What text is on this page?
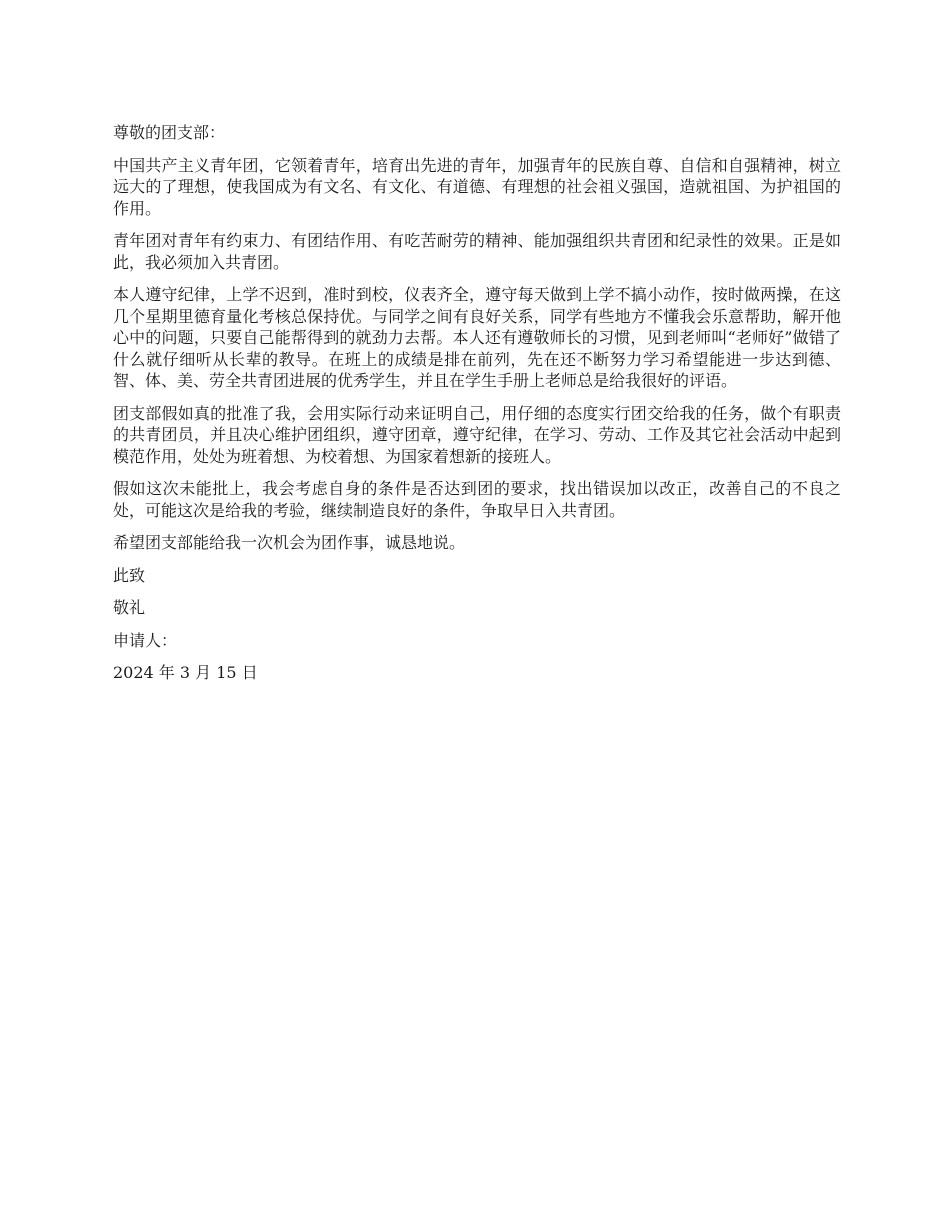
尊敬的团支部：

中国共产主义青年团，它领着青年，培育出先进的青年，加强青年的民族自尊、自信和自强精神，树立远大的了理想，使我国成为有文名、有文化、有道德、有理想的社会祖义强国，造就祖国、为护祖国的作用。

青年团对青年有约束力、有团结作用、有吃苦耐劳的精神、能加强组织共青团和纪录性的效果。正是如此，我必须加入共青团。

本人遵守纪律，上学不迟到，准时到校，仪表齐全，遵守每天做到上学不搞小动作，按时做两操，在这几个星期里德育量化考核总保持优。与同学之间有良好关系，同学有些地方不懂我会乐意帮助，解开他心中的问题，只要自己能帮得到的就劲力去帮。本人还有遵敬师长的习惯，见到老师叫“老师好”做错了什么就仔细听从长辈的教导。在班上的成绩是排在前列，先在还不断努力学习希望能进一步达到德、智、体、美、劳全共青团进展的优秀学生，并且在学生手册上老师总是给我很好的评语。

团支部假如真的批准了我，会用实际行动来证明自己，用仔细的态度实行团交给我的任务，做个有职责的共青团员，并且决心维护团组织，遵守团章，遵守纪律，在学习、劳动、工作及其它社会活动中起到模范作用，处处为班着想、为校着想、为国家着想新的接班人。

假如这次未能批上，我会考虑自身的条件是否达到团的要求，找出错误加以改正，改善自己的不良之处，可能这次是给我的考验，继续制造良好的条件，争取早日入共青团。

希望团支部能给我一次机会为团作事，诚恳地说。

此致

敬礼

申请人：

2024 年 3 月 15 日
